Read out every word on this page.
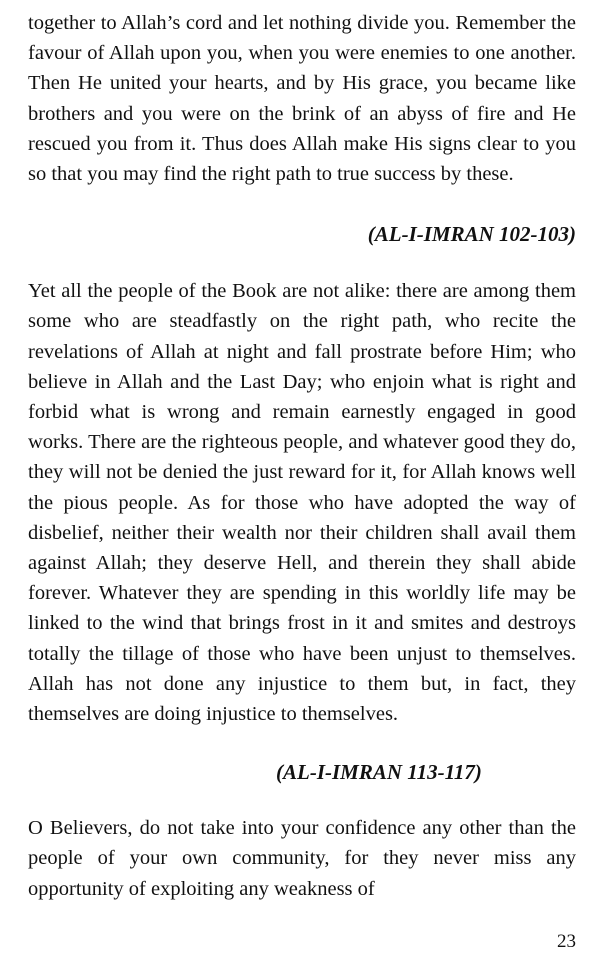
together to Allah’s cord and let nothing divide you. Remember the favour of Allah upon you, when you were enemies to one another. Then He united your hearts, and by His grace, you became like brothers and you were on the brink of an abyss of fire and He rescued you from it. Thus does Allah make His signs clear to you so that you may find the right path to true success by these.

(AL-I-IMRAN 102-103)

Yet all the people of the Book are not alike: there are among them some who are steadfastly on the right path, who recite the revelations of Allah at night and fall prostrate before Him; who believe in Allah and the Last Day; who enjoin what is right and forbid what is wrong and remain earnestly engaged in good works. There are the righteous people, and whatever good they do, they will not be denied the just reward for it, for Allah knows well the pious people. As for those who have adopted the way of disbelief, neither their wealth nor their children shall avail them against Allah; they deserve Hell, and therein they shall abide forever. Whatever they are spending in this worldly life may be linked to the wind that brings frost in it and smites and destroys totally the tillage of those who have been unjust to themselves. Allah has not done any injustice to them but, in fact, they themselves are doing injustice to themselves.

(AL-I-IMRAN 113-117)

O Believers, do not take into your confidence any other than the people of your own community, for they never miss any opportunity of exploiting any weakness of

23
